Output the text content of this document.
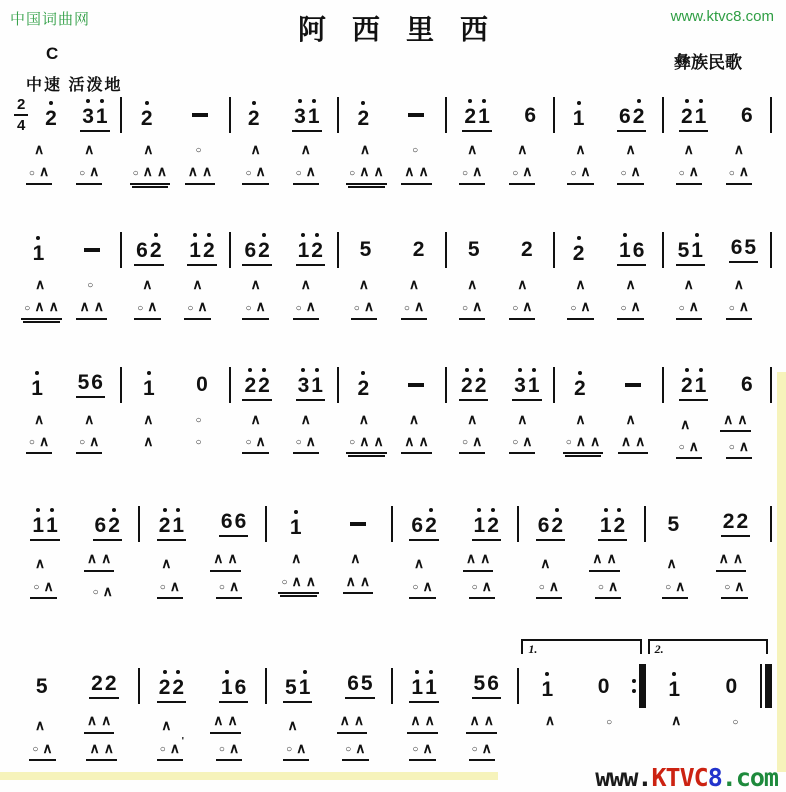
中国词曲网	阿西里西	www.ktvc8.com
C	彝族民歌
中速 活泼地
2
4 2 3 1
∧	∧
○ ∧	○ ∧
2
∧	○
○ ∧ ∧ ∧ ∧
2 3 1
∧	∧
○ ∧	○ ∧
2
∧	○
○ ∧ ∧ ∧ ∧
2 1 6
∧	∧
○ ∧	○ ∧
1 6 2
∧	∧
○ ∧	○ ∧
2 1 6
∧	∧
○ ∧	○ ∧
1
∧	○
○ ∧ ∧ ∧ ∧
6 2 1 2
∧	∧
○ ∧	○ ∧
6 2 1 2
∧	∧
○ ∧	○ ∧
5 2
∧	∧
○ ∧	○ ∧
5 2
∧	∧
○ ∧	○ ∧
2 1 6
∧	∧
○ ∧	○ ∧
5 1 6 5
∧	∧
○ ∧	○ ∧
1 5 6
∧	∧
○ ∧	○ ∧
1 0
∧	○
∧	○
2 2 3 1
∧	∧
○ ∧	○ ∧
2
∧	∧
○ ∧ ∧ ∧ ∧
2 2 3 1
∧	∧
○ ∧	○ ∧
2
∧	∧
○ ∧ ∧ ∧ ∧
2 1 6
∧ ∧ ∧
○ ∧	○ ∧
1 1 6 2
∧	∧ ∧
○ ∧	○ ∧
2 1 6 6
∧	∧ ∧
○ ∧	○ ∧
1
∧	∧
○ ∧ ∧ ∧ ∧
6 2 1 2
∧	∧ ∧
○ ∧	○ ∧
6 2 1 2
∧	∧ ∧
○ ∧	○ ∧
5 2 2
∧	∧ ∧
○ ∧	○ ∧
5 2 2
∧	∧ ∧
○ ∧	∧ ∧
2 2 1 6
∧	∧ ∧
○ ∧ '	○ ∧
5 1 6 5
∧	∧ ∧
○ ∧	○ ∧
1 1 5 6
∧ ∧ ∧ ∧
○ ∧	○ ∧
1.
1 0
∧	○
2.
1 0
∧	○
www.KTVC8.com
